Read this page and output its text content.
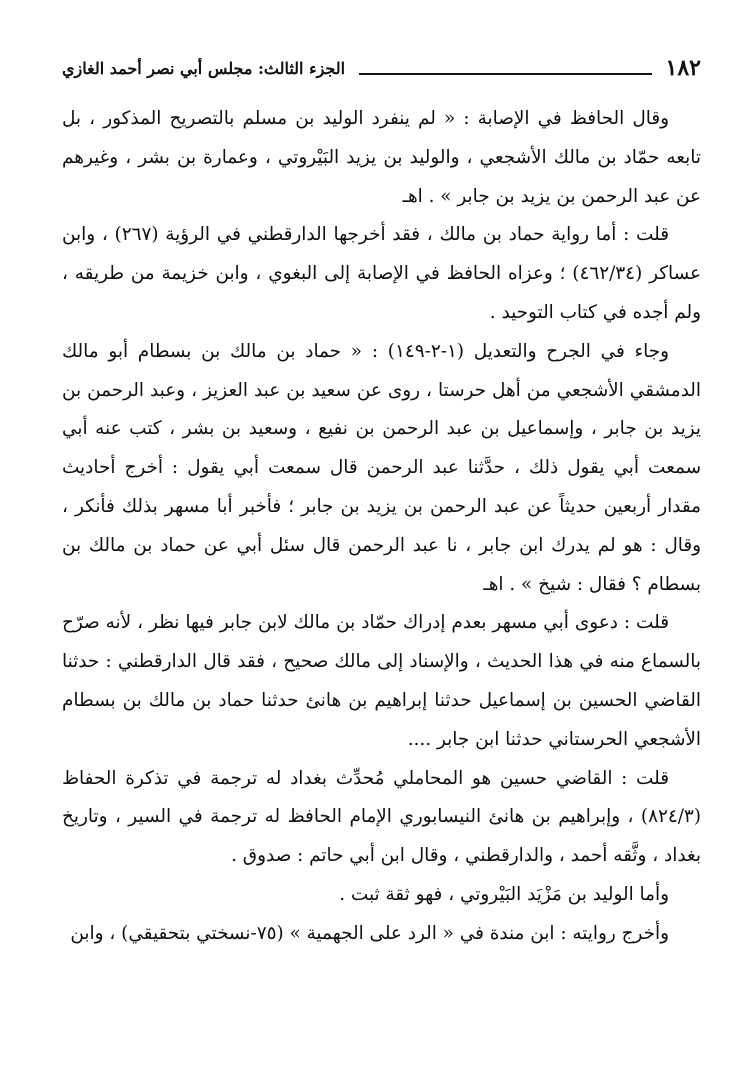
١٨٢
الجزء الثالث: مجلس أبي نصر أحمد الغازي

وقال الحافظ في الإصابة : « لم ينفرد الوليد بن مسلم بالتصريح المذكور ، بل تابعه حمّاد بن مالك الأشجعي ، والوليد بن يزيد البَيْروتي ، وعمارة بن بشر ، وغيرهم عن عبد الرحمن بن يزيد بن جابر » . اهـ

قلت : أما رواية حماد بن مالك ، فقد أخرجها الدارقطني في الرؤية (٢٦٧) ، وابن عساكر (٤٦٢/٣٤) ؛ وعزاه الحافظ في الإصابة إلى البغوي ، وابن خزيمة من طريقه ، ولم أجده في كتاب التوحيد .

وجاء في الجرح والتعديل (١-٢-١٤٩) : « حماد بن مالك بن بسطام أبو مالك الدمشقي الأشجعي من أهل حرستا ، روى عن سعيد بن عبد العزيز ، وعبد الرحمن بن يزيد بن جابر ، وإسماعيل بن عبد الرحمن بن نفيع ، وسعيد بن بشر ، كتب عنه أبي سمعت أبي يقول ذلك ، حدَّثنا عبد الرحمن قال سمعت أبي يقول : أخرج أحاديث مقدار أربعين حديثاً عن عبد الرحمن بن يزيد بن جابر ؛ فأخبر أبا مسهر بذلك فأنكر ، وقال : هو لم يدرك ابن جابر ، نا عبد الرحمن قال سئل أبي عن حماد بن مالك بن بسطام ؟ فقال : شيخ » . اهـ

قلت : دعوى أبي مسهر بعدم إدراك حمّاد بن مالك لابن جابر فيها نظر ، لأنه صرّح بالسماع منه في هذا الحديث ، والإسناد إلى مالك صحيح ، فقد قال الدارقطني : حدثنا القاضي الحسين بن إسماعيل حدثنا إبراهيم بن هانئ حدثنا حماد بن مالك بن بسطام الأشجعي الحرستاني حدثنا ابن جابر ....

قلت : القاضي حسين هو المحاملي مُحدِّث بغداد له ترجمة في تذكرة الحفاظ (٨٢٤/٣) ، وإبراهيم بن هانئ النيسابوري الإمام الحافظ له ترجمة في السير ، وتاريخ بغداد ، وثَّقه أحمد ، والدارقطني ، وقال ابن أبي حاتم : صدوق .

وأما الوليد بن مَزْيَد البَيْروتي ، فهو ثقة ثبت .

وأخرج روايته : ابن مندة في « الرد على الجهمية » (٧٥-نسختي بتحقيقي) ، وابن
